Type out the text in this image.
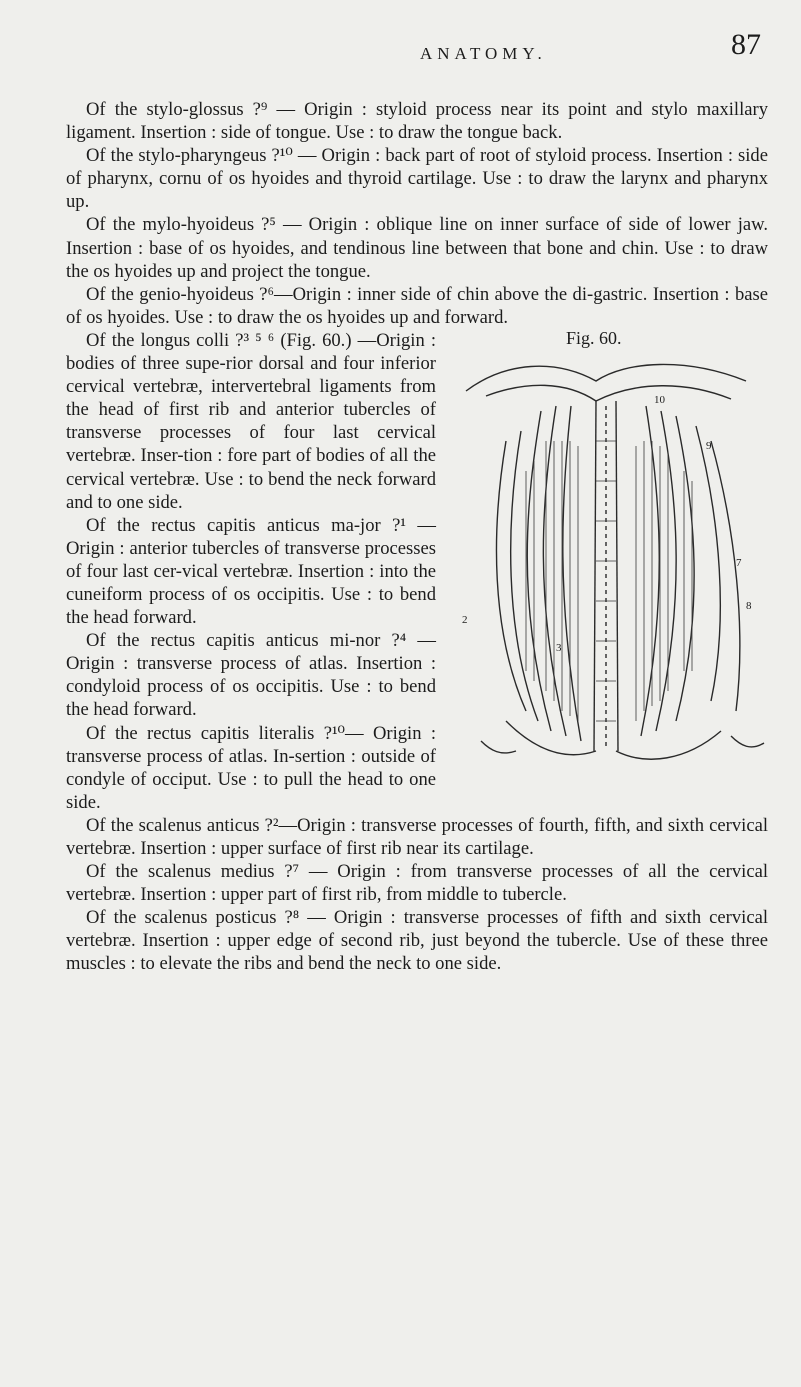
ANATOMY.	87

Of the stylo-glossus ?⁹ — Origin : styloid process near its point and stylo maxillary ligament. Insertion : side of tongue. Use : to draw the tongue back.

Of the stylo-pharyngeus ?¹⁰ — Origin : back part of root of styloid process. Insertion : side of pharynx, cornu of os hyoides and thyroid cartilage. Use : to draw the larynx and pharynx up.

Of the mylo-hyoideus ?⁵ — Origin : oblique line on inner surface of side of lower jaw. Insertion : base of os hyoides, and tendinous line between that bone and chin. Use : to draw the os hyoides up and project the tongue.

Of the genio-hyoideus ?⁶—Origin : inner side of chin above the di-gastric. Insertion : base of os hyoides. Use : to draw the os hyoides up and forward.

Fig. 60.
10
9
7
8
2
3

Of the longus colli ?³ ⁵ ⁶ (Fig. 60.) —Origin : bodies of three supe-rior dorsal and four inferior cervical vertebræ, intervertebral ligaments from the head of first rib and anterior tubercles of transverse processes of four last cervical vertebræ. Inser-tion : fore part of bodies of all the cervical vertebræ. Use : to bend the neck forward and to one side.

Of the rectus capitis anticus ma-jor ?¹ —Origin : anterior tubercles of transverse processes of four last cer-vical vertebræ. Insertion : into the cuneiform process of os occipitis. Use : to bend the head forward.

Of the rectus capitis anticus mi-nor ?⁴ — Origin : transverse process of atlas. Insertion : condyloid process of os occipitis. Use : to bend the head forward.

Of the rectus capitis literalis ?¹⁰— Origin : transverse process of atlas. In-sertion : outside of condyle of occiput. Use : to pull the head to one side.

Of the scalenus anticus ?²—Origin : transverse processes of fourth, fifth, and sixth cervical vertebræ. Insertion : upper surface of first rib near its cartilage.

Of the scalenus medius ?⁷ — Origin : from transverse processes of all the cervical vertebræ. Insertion : upper part of first rib, from middle to tubercle.

Of the scalenus posticus ?⁸ — Origin : transverse processes of fifth and sixth cervical vertebræ. Insertion : upper edge of second rib, just beyond the tubercle. Use of these three muscles : to elevate the ribs and bend the neck to one side.
